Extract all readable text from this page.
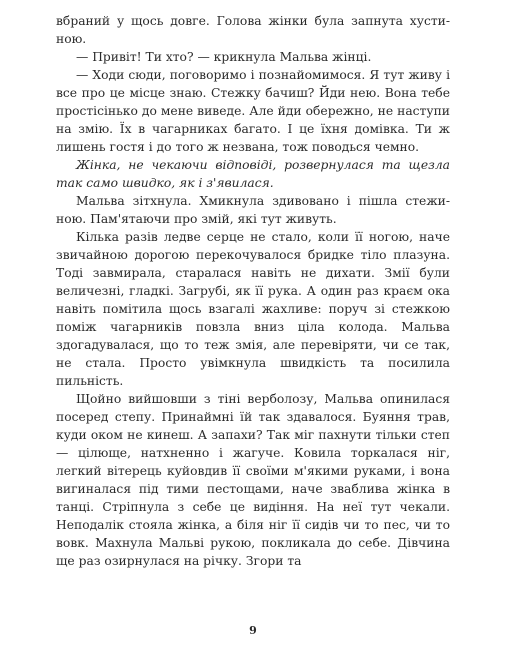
вбраний у щось довге. Голова жінки була запнута хустиною.

— Привіт! Ти хто? — крикнула Мальва жінці.

— Ходи сюди, поговоримо і познайомимося. Я тут живу і все про це місце знаю. Стежку бачиш? Йди нею. Вона тебе простісінько до мене виведе. Але йди обережно, не наступи на змію. Їх в чагарниках багато. І це їхня домівка. Ти ж лишень гостя і до того ж незвана, тож поводься чемно.

Жінка, не чекаючи відповіді, розвернулася та щезла так само швидко, як і з'явилася.

Мальва зітхнула. Хмикнула здивовано і пішла стежиною. Пам'ятаючи про змій, які тут живуть.

Кілька разів ледве серце не стало, коли її ногою, наче звичайною дорогою перекочувалося бридке тіло плазуна. Тоді завмирала, старалася навіть не дихати. Змії були величезні, гладкі. Загрубі, як її рука. А один раз краєм ока навіть помітила щось взагалі жахливе: поруч зі стежкою поміж чагарників повзла вниз ціла колода. Мальва здогадувалася, що то теж змія, але перевіряти, чи се так, не стала. Просто увімкнула швидкість та посилила пильність.

Щойно вийшовши з тіні верболозу, Мальва опинилася посеред степу. Принаймні їй так здавалося. Буяння трав, куди оком не кинеш. А запахи? Так міг пахнути тільки степ — цілюще, натхненно і жагуче. Ковила торкалася ніг, легкий вітерець куйовдив її своїми м'якими руками, і вона вигиналася під тими пестощами, наче зваблива жінка в танці. Стріпнула з себе це видіння. На неї тут чекали. Неподалік стояла жінка, а біля ніг її сидів чи то пес, чи то вовк. Махнула Мальві рукою, покликала до себе. Дівчина ще раз озирнулася на річку. Згори та

9
